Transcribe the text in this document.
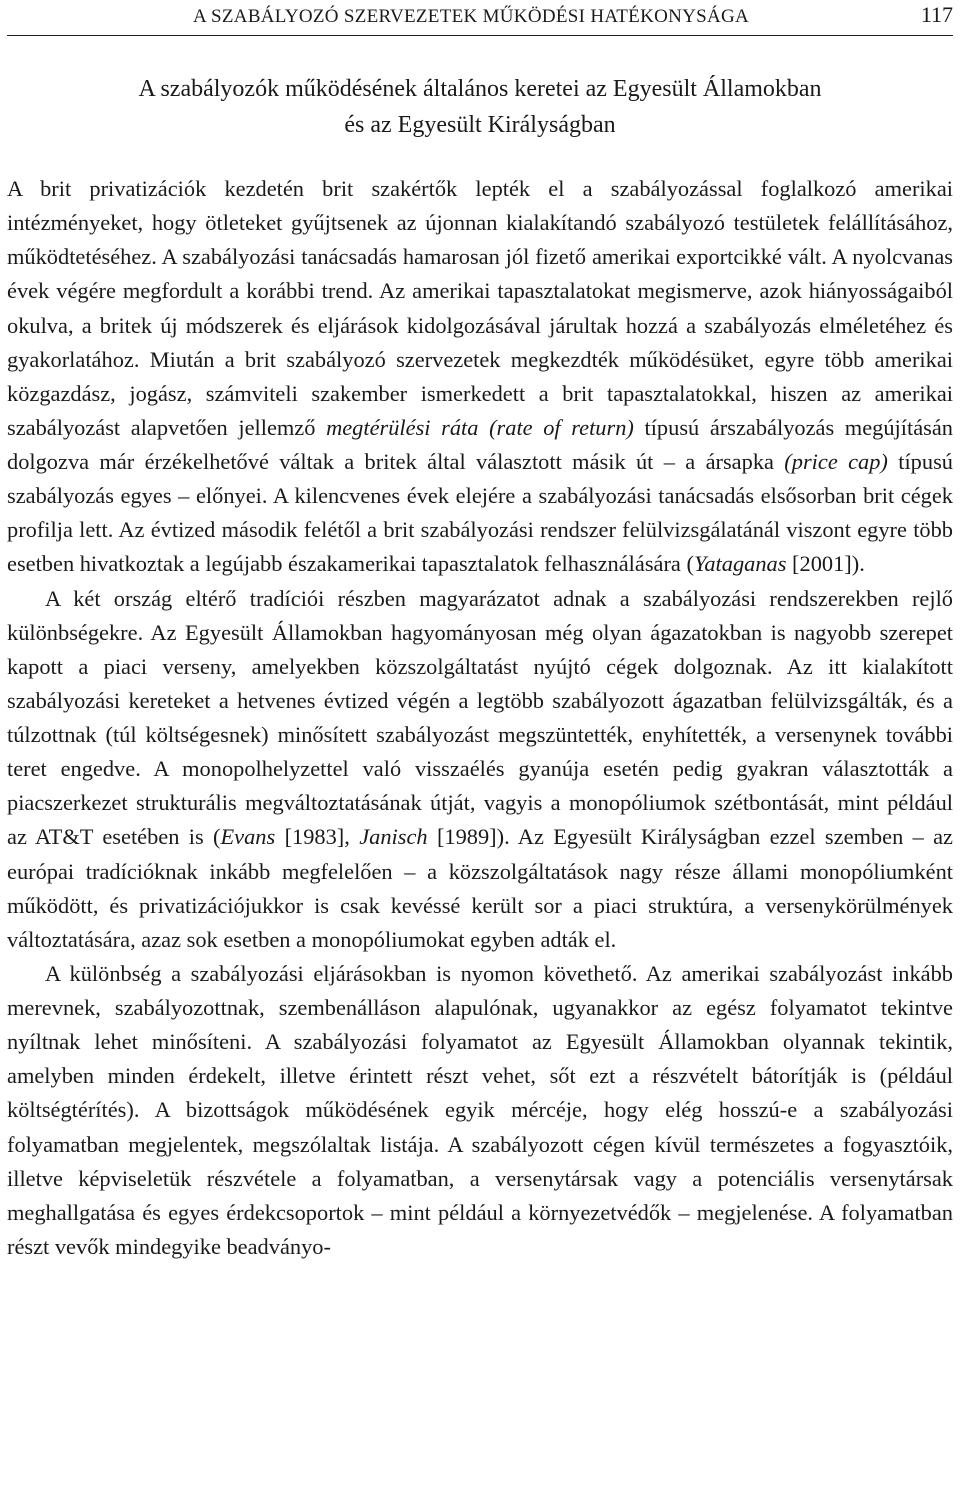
A SZABÁLYOZÓ SZERVEZETEK MŰKÖDÉSI HATÉKONYSÁGA	117
A szabályozók működésének általános keretei az Egyesült Államokban
és az Egyesült Királyságban

A brit privatizációk kezdetén brit szakértők lepték el a szabályozással foglalkozó amerikai intézményeket, hogy ötleteket gyűjtsenek az újonnan kialakítandó szabályozó testületek felállításához, működtetéséhez. A szabályozási tanácsadás hamarosan jól fizető amerikai exportcikké vált. A nyolcvanas évek végére megfordult a korábbi trend. Az amerikai tapasztalatokat megismerve, azok hiányosságaiból okulva, a britek új módszerek és eljárások kidolgozásával járultak hozzá a szabályozás elméletéhez és gyakorlatához. Miután a brit szabályozó szervezetek megkezdték működésüket, egyre több amerikai közgazdász, jogász, számviteli szakember ismerkedett a brit tapasztalatokkal, hiszen az amerikai szabályozást alapvetően jellemző megtérülési ráta (rate of return) típusú árszabályozás megújításán dolgozva már érzékelhetővé váltak a britek által választott másik út – a ársapka (price cap) típusú szabályozás egyes – előnyei. A kilencvenes évek elejére a szabályozási tanácsadás elsősorban brit cégek profilja lett. Az évtized második felétől a brit szabályozási rendszer felülvizsgálatánál viszont egyre több esetben hivatkoztak a legújabb északamerikai tapasztalatok felhasználására (Yataganas [2001]).

A két ország eltérő tradíciói részben magyarázatot adnak a szabályozási rendszerekben rejlő különbségekre. Az Egyesült Államokban hagyományosan még olyan ágazatokban is nagyobb szerepet kapott a piaci verseny, amelyekben közszolgáltatást nyújtó cégek dolgoznak. Az itt kialakított szabályozási kereteket a hetvenes évtized végén a legtöbb szabályozott ágazatban felülvizsgálták, és a túlzottnak (túl költségesnek) minősített szabályozást megszüntették, enyhítették, a versenynek további teret engedve. A monopolhelyzettel való visszaélés gyanúja esetén pedig gyakran választották a piacszerkezet strukturális megváltoztatásának útját, vagyis a monopóliumok szétbontását, mint például az AT&T esetében is (Evans [1983], Janisch [1989]). Az Egyesült Királyságban ezzel szemben – az európai tradícióknak inkább megfelelően – a közszolgáltatások nagy része állami monopóliumként működött, és privatizációjukkor is csak kevéssé került sor a piaci struktúra, a versenykörülmények változtatására, azaz sok esetben a monopóliumokat egyben adták el.

A különbség a szabályozási eljárásokban is nyomon követhető. Az amerikai szabályozást inkább merevnek, szabályozottnak, szembenálláson alapulónak, ugyanakkor az egész folyamatot tekintve nyíltnak lehet minősíteni. A szabályozási folyamatot az Egyesült Államokban olyannak tekintik, amelyben minden érdekelt, illetve érintett részt vehet, sőt ezt a részvételt bátorítják is (például költségtérítés). A bizottságok működésének egyik mércéje, hogy elég hosszú-e a szabályozási folyamatban megjelentek, megszólaltak listája. A szabályozott cégen kívül természetes a fogyasztóik, illetve képviseletük részvétele a folyamatban, a versenytársak vagy a potenciális versenytársak meghallgatása és egyes érdekcsoportok – mint például a környezetvédők – megjelenése. A folyamatban részt vevők mindegyike beadványo-
